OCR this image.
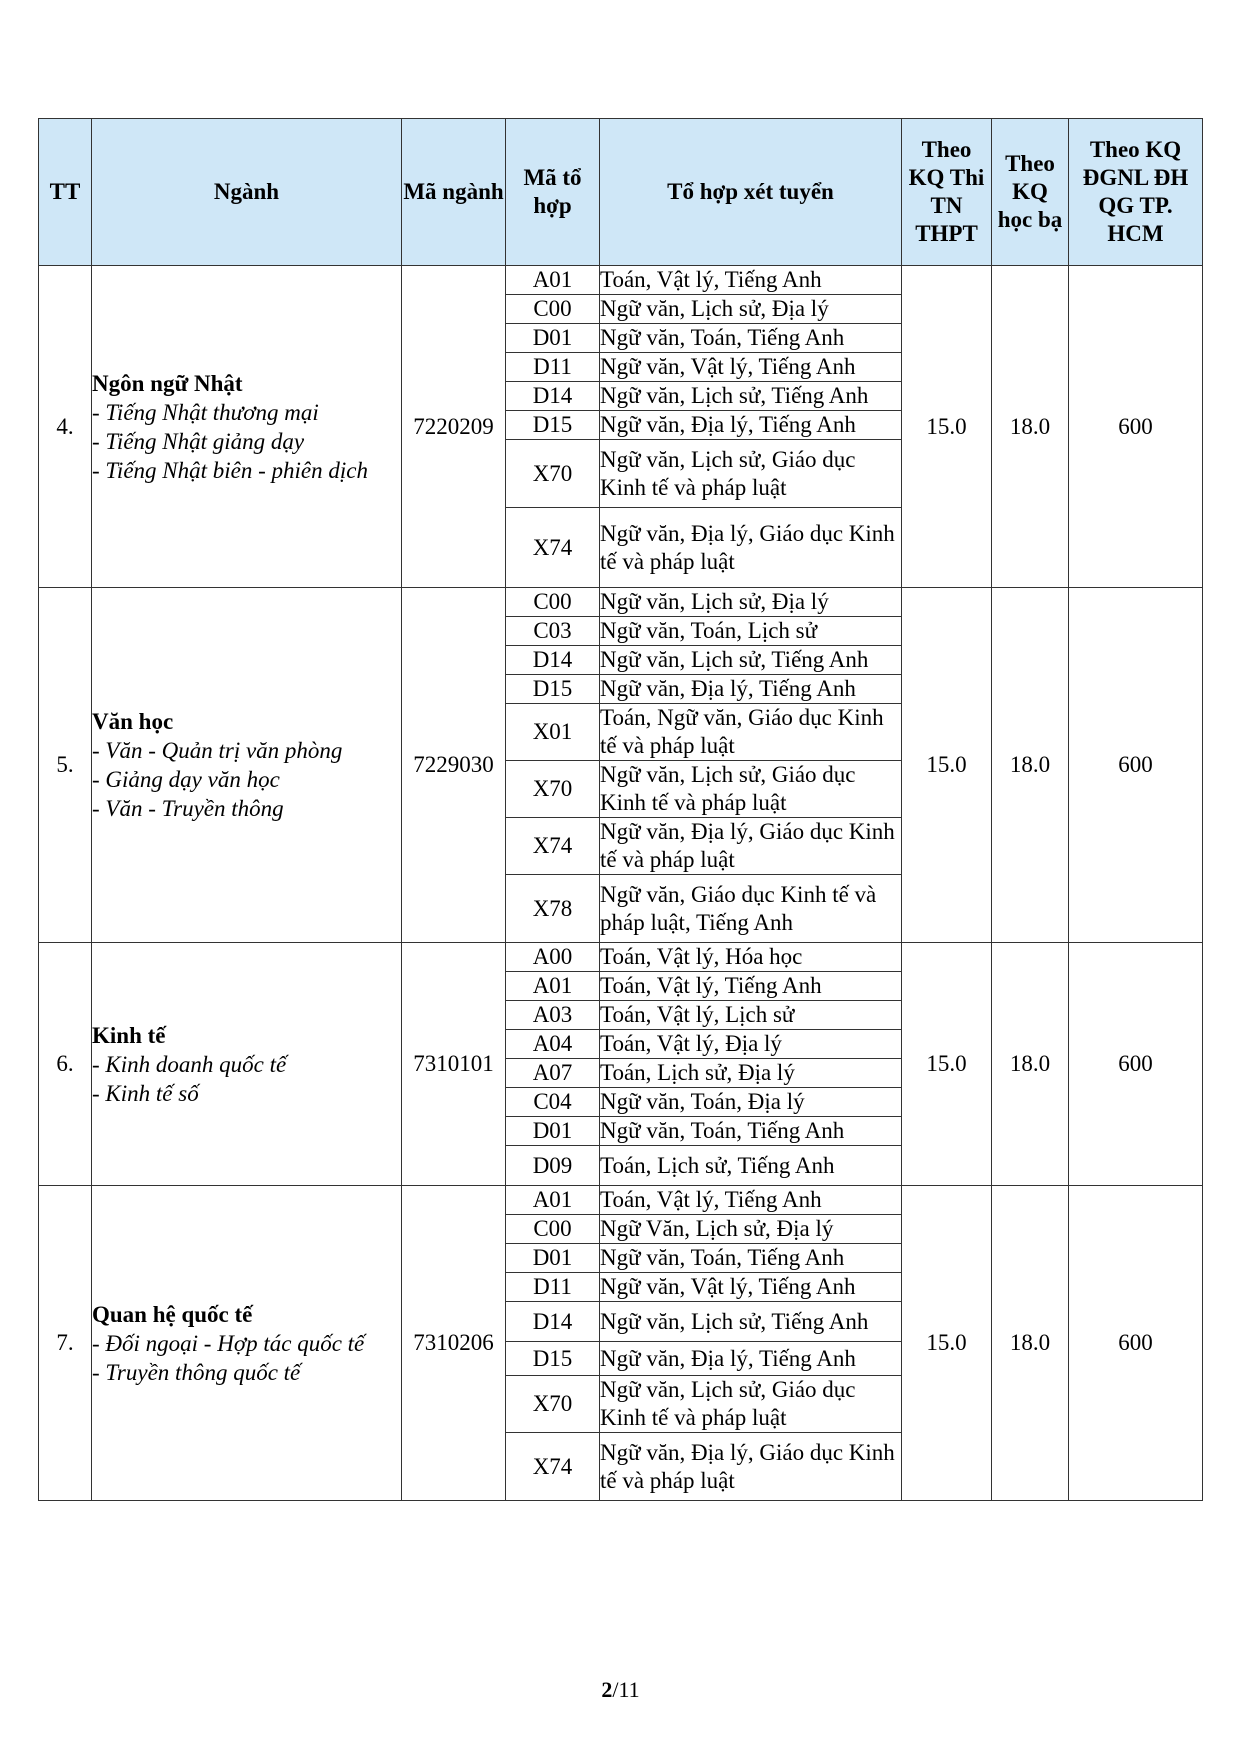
TT	Ngành	Mã ngành	Mã tổ hợp	Tổ hợp xét tuyển	Theo KQ Thi TN THPT	Theo KQ học bạ	Theo KQ ĐGNL ĐH QG TP. HCM
4.	Ngôn ngữ Nhật
- Tiếng Nhật thương mại
- Tiếng Nhật giảng dạy
- Tiếng Nhật biên - phiên dịch	7220209	A01	Toán, Vật lý, Tiếng Anh	15.0	18.0	600
			C00	Ngữ văn, Lịch sử, Địa lý			
			D01	Ngữ văn, Toán, Tiếng Anh			
			D11	Ngữ văn, Vật lý, Tiếng Anh			
			D14	Ngữ văn, Lịch sử, Tiếng Anh			
			D15	Ngữ văn, Địa lý, Tiếng Anh			
			X70	Ngữ văn, Lịch sử, Giáo dục Kinh tế và pháp luật			
			X74	Ngữ văn, Địa lý, Giáo dục Kinh tế và pháp luật			
5.	Văn học
- Văn - Quản trị văn phòng
- Giảng dạy văn học
- Văn - Truyền thông	7229030	C00	Ngữ văn, Lịch sử, Địa lý	15.0	18.0	600
			C03	Ngữ văn, Toán, Lịch sử			
			D14	Ngữ văn, Lịch sử, Tiếng Anh			
			D15	Ngữ văn, Địa lý, Tiếng Anh			
			X01	Toán, Ngữ văn, Giáo dục Kinh tế và pháp luật			
			X70	Ngữ văn, Lịch sử, Giáo dục Kinh tế và pháp luật			
			X74	Ngữ văn, Địa lý, Giáo dục Kinh tế và pháp luật			
			X78	Ngữ văn, Giáo dục Kinh tế và pháp luật, Tiếng Anh			
6.	Kinh tế
- Kinh doanh quốc tế
- Kinh tế số	7310101	A00	Toán, Vật lý, Hóa học	15.0	18.0	600
			A01	Toán, Vật lý, Tiếng Anh			
			A03	Toán, Vật lý, Lịch sử			
			A04	Toán, Vật lý, Địa lý			
			A07	Toán, Lịch sử, Địa lý			
			C04	Ngữ văn, Toán, Địa lý			
			D01	Ngữ văn, Toán, Tiếng Anh			
			D09	Toán, Lịch sử, Tiếng Anh			
7.	Quan hệ quốc tế
- Đối ngoại - Hợp tác quốc tế
- Truyền thông quốc tế	7310206	A01	Toán, Vật lý, Tiếng Anh	15.0	18.0	600
			C00	Ngữ Văn, Lịch sử, Địa lý			
			D01	Ngữ văn, Toán, Tiếng Anh			
			D11	Ngữ văn, Vật lý, Tiếng Anh			
			D14	Ngữ văn, Lịch sử, Tiếng Anh			
			D15	Ngữ văn, Địa lý, Tiếng Anh			
			X70	Ngữ văn, Lịch sử, Giáo dục Kinh tế và pháp luật			
			X74	Ngữ văn, Địa lý, Giáo dục Kinh tế và pháp luật			
2/11
